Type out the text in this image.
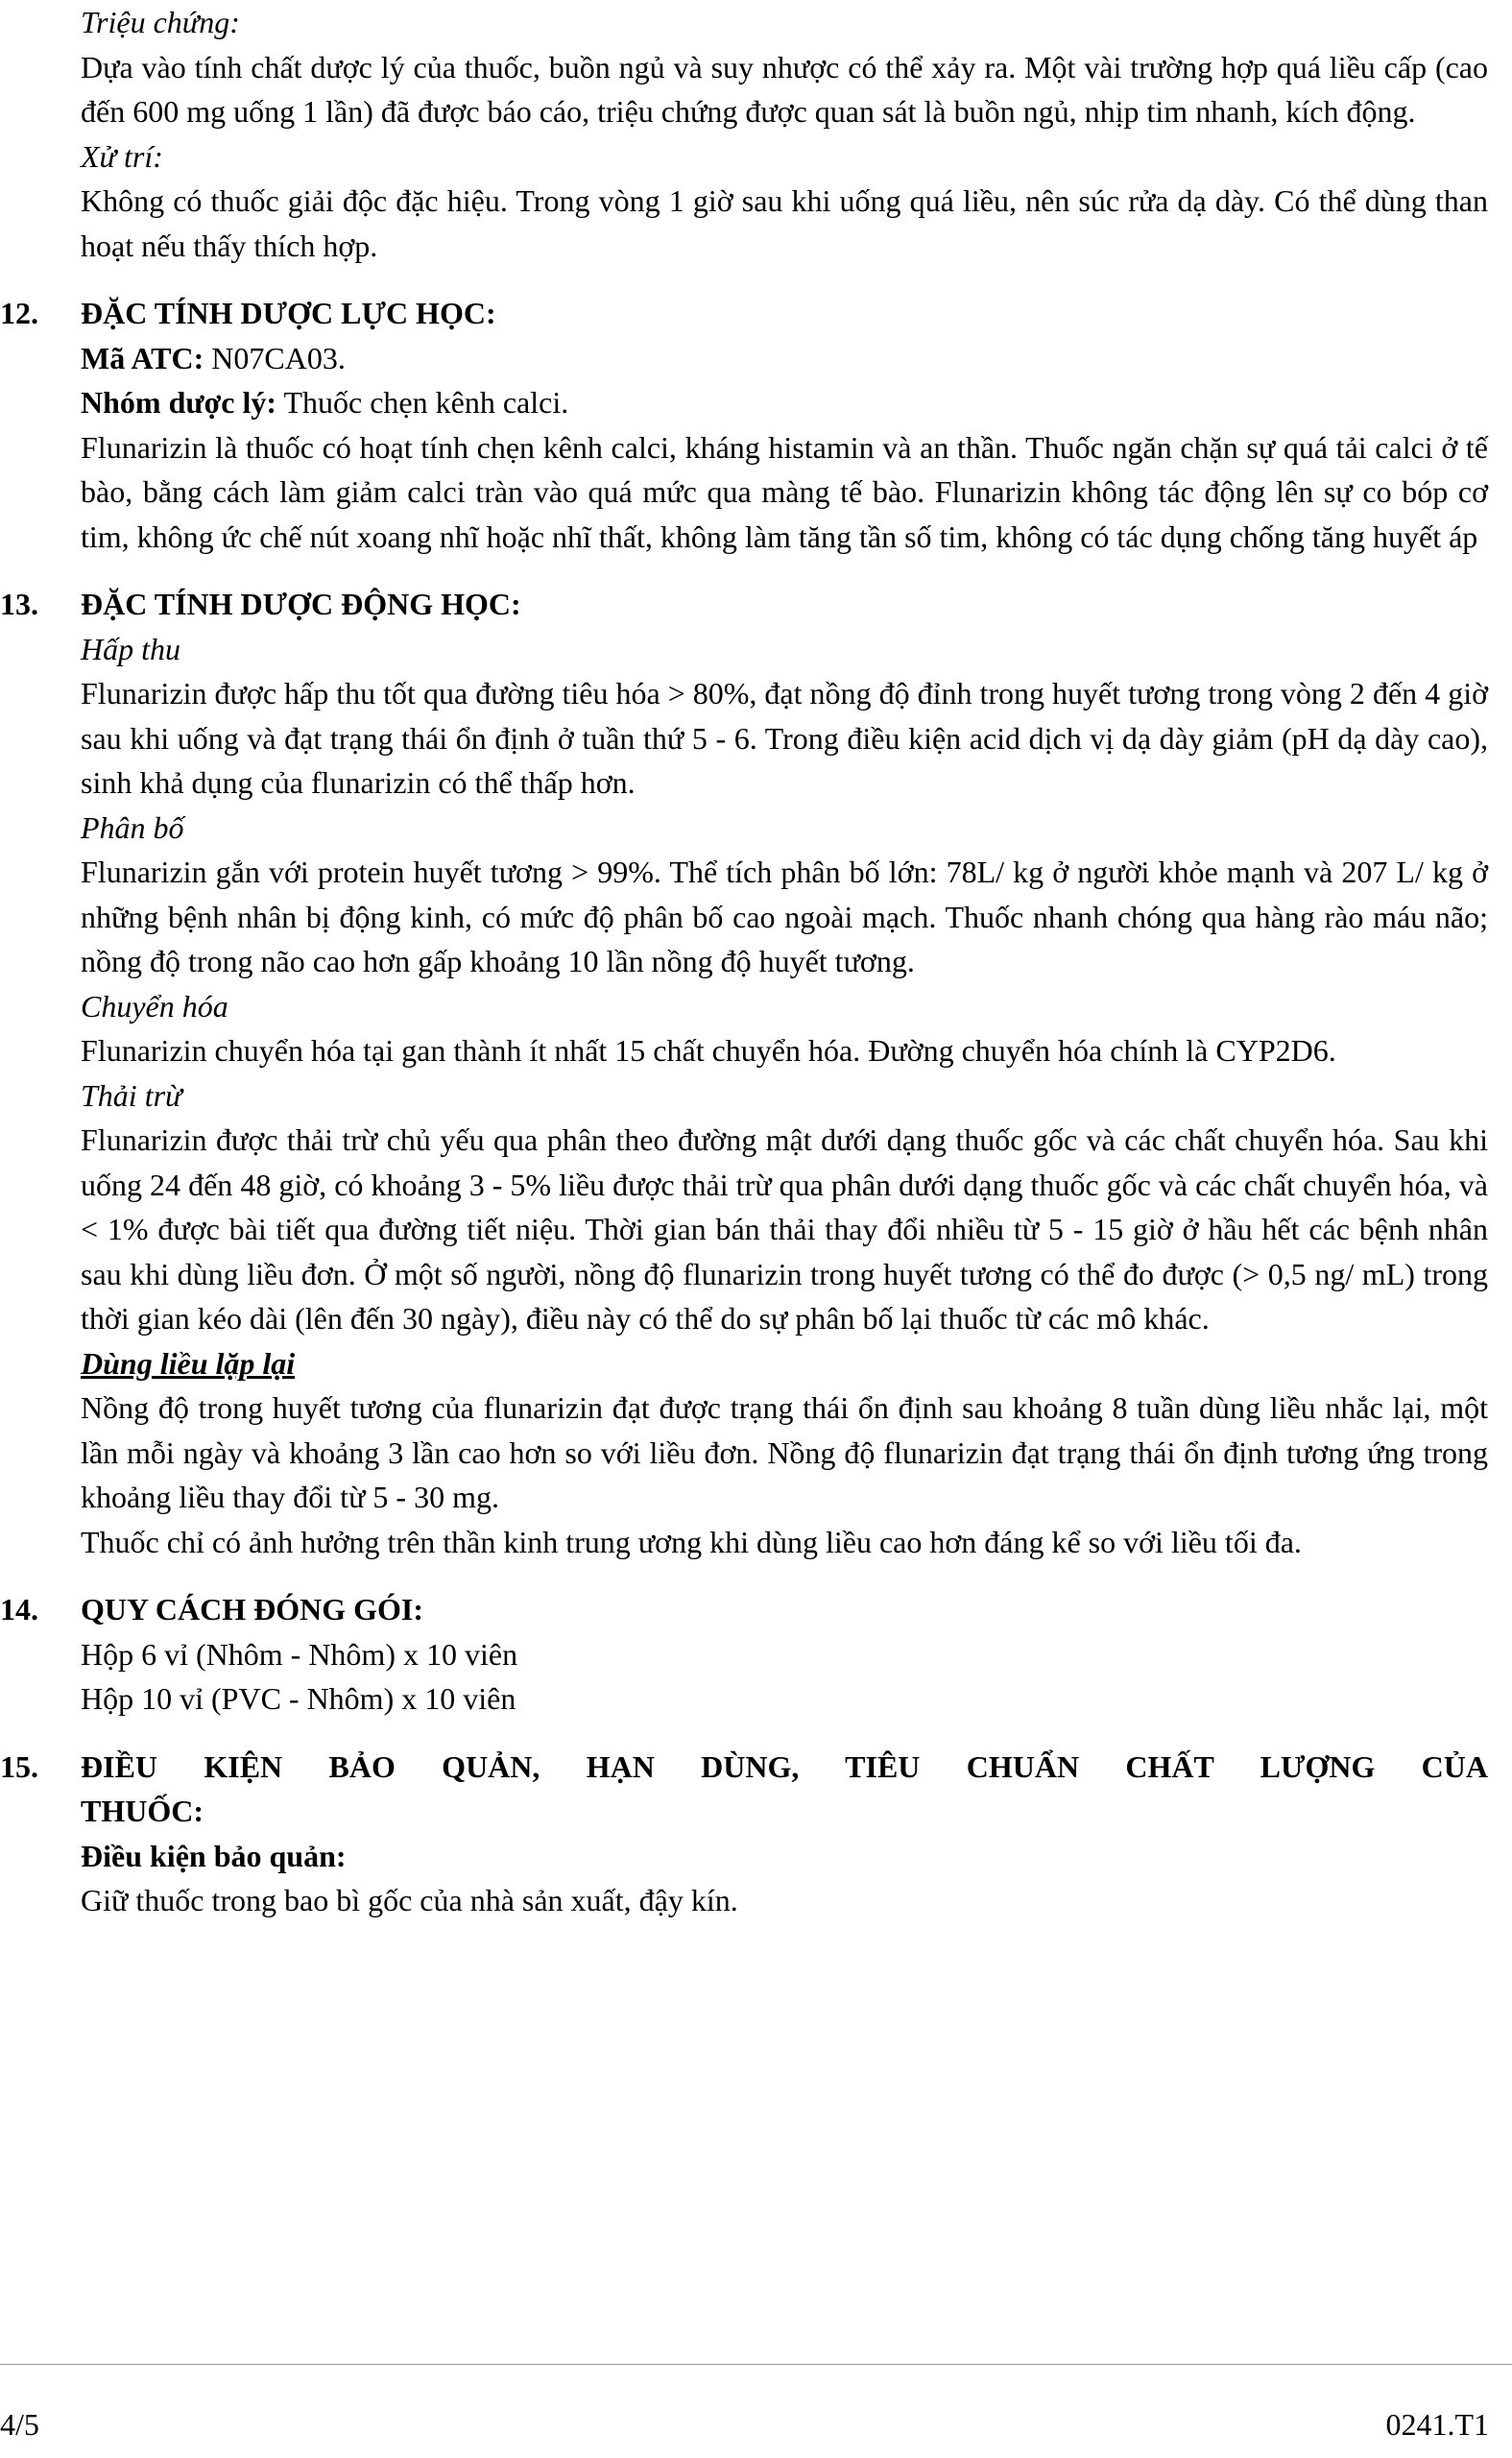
Triệu chứng:

Dựa vào tính chất dược lý của thuốc, buồn ngủ và suy nhược có thể xảy ra. Một vài trường hợp quá liều cấp (cao đến 600 mg uống 1 lần) đã được báo cáo, triệu chứng được quan sát là buồn ngủ, nhịp tim nhanh, kích động.

Xử trí:

Không có thuốc giải độc đặc hiệu. Trong vòng 1 giờ sau khi uống quá liều, nên súc rửa dạ dày. Có thể dùng than hoạt nếu thấy thích hợp.

12. ĐẶC TÍNH DƯỢC LỰC HỌC:

Mã ATC: N07CA03.

Nhóm dược lý: Thuốc chẹn kênh calci.

Flunarizin là thuốc có hoạt tính chẹn kênh calci, kháng histamin và an thần. Thuốc ngăn chặn sự quá tải calci ở tế bào, bằng cách làm giảm calci tràn vào quá mức qua màng tế bào. Flunarizin không tác động lên sự co bóp cơ tim, không ức chế nút xoang nhĩ hoặc nhĩ thất, không làm tăng tần số tim, không có tác dụng chống tăng huyết áp

13. ĐẶC TÍNH DƯỢC ĐỘNG HỌC:

Hấp thu

Flunarizin được hấp thu tốt qua đường tiêu hóa > 80%, đạt nồng độ đỉnh trong huyết tương trong vòng 2 đến 4 giờ sau khi uống và đạt trạng thái ổn định ở tuần thứ 5 - 6. Trong điều kiện acid dịch vị dạ dày giảm (pH dạ dày cao), sinh khả dụng của flunarizin có thể thấp hơn.

Phân bố

Flunarizin gắn với protein huyết tương > 99%. Thể tích phân bố lớn: 78L/ kg ở người khỏe mạnh và 207 L/ kg ở những bệnh nhân bị động kinh, có mức độ phân bố cao ngoài mạch. Thuốc nhanh chóng qua hàng rào máu não; nồng độ trong não cao hơn gấp khoảng 10 lần nồng độ huyết tương.

Chuyển hóa

Flunarizin chuyển hóa tại gan thành ít nhất 15 chất chuyển hóa. Đường chuyển hóa chính là CYP2D6.

Thải trừ

Flunarizin được thải trừ chủ yếu qua phân theo đường mật dưới dạng thuốc gốc và các chất chuyển hóa. Sau khi uống 24 đến 48 giờ, có khoảng 3 - 5% liều được thải trừ qua phân dưới dạng thuốc gốc và các chất chuyển hóa, và < 1% được bài tiết qua đường tiết niệu. Thời gian bán thải thay đổi nhiều từ 5 - 15 giờ ở hầu hết các bệnh nhân sau khi dùng liều đơn. Ở một số người, nồng độ flunarizin trong huyết tương có thể đo được (> 0,5 ng/ mL) trong thời gian kéo dài (lên đến 30 ngày), điều này có thể do sự phân bố lại thuốc từ các mô khác.

Dùng liều lặp lại

Nồng độ trong huyết tương của flunarizin đạt được trạng thái ổn định sau khoảng 8 tuần dùng liều nhắc lại, một lần mỗi ngày và khoảng 3 lần cao hơn so với liều đơn. Nồng độ flunarizin đạt trạng thái ổn định tương ứng trong khoảng liều thay đổi từ 5 - 30 mg.

Thuốc chỉ có ảnh hưởng trên thần kinh trung ương khi dùng liều cao hơn đáng kể so với liều tối đa.

14. QUY CÁCH ĐÓNG GÓI:

Hộp 6 vỉ (Nhôm - Nhôm) x 10 viên

Hộp 10 vỉ (PVC - Nhôm) x 10 viên

15. ĐIỀU KIỆN BẢO QUẢN, HẠN DÙNG, TIÊU CHUẨN CHẤT LƯỢNG CỦA

THUỐC:

Điều kiện bảo quản:

Giữ thuốc trong bao bì gốc của nhà sản xuất, đậy kín.

4/5	0241.T1
